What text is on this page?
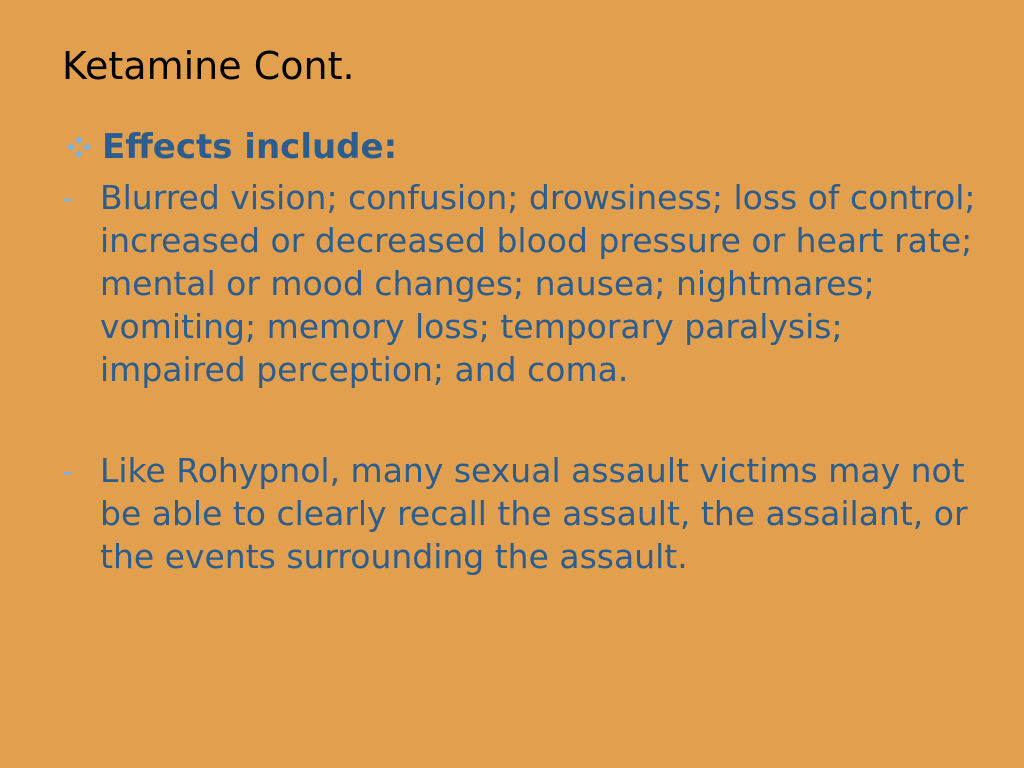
Ketamine Cont.
Effects include:
- Blurred vision; confusion; drowsiness; loss of control; increased or decreased blood pressure or heart rate; mental or mood changes; nausea; nightmares; vomiting; memory loss; temporary paralysis; impaired perception; and coma.
- Like Rohypnol, many sexual assault victims may not be able to clearly recall the assault, the assailant, or the events surrounding the assault.
